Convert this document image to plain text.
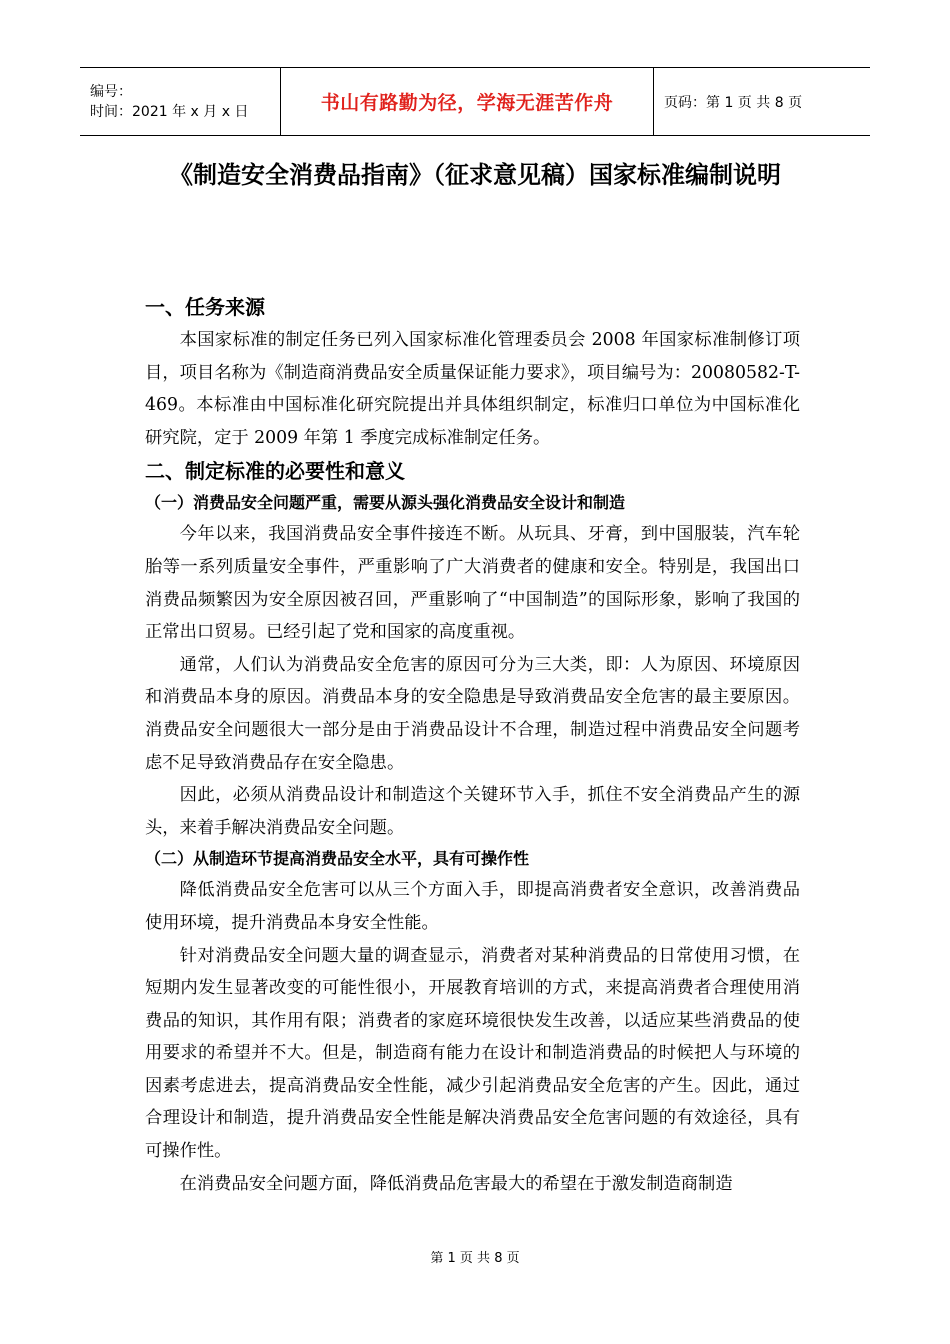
编号：
时间：2021 年 x 月 x 日	书山有路勤为径，学海无涯苦作舟	页码：第 1 页 共 8 页
《制造安全消费品指南》（征求意见稿）国家标准编制说明

一、任务来源

本国家标准的制定任务已列入国家标准化管理委员会 2008 年国家标准制修订项目，项目名称为《制造商消费品安全质量保证能力要求》，项目编号为：20080582-T-469。本标准由中国标准化研究院提出并具体组织制定，标准归口单位为中国标准化研究院，定于 2009 年第 1 季度完成标准制定任务。

二、制定标准的必要性和意义

（一）消费品安全问题严重，需要从源头强化消费品安全设计和制造

今年以来，我国消费品安全事件接连不断。从玩具、牙膏，到中国服装，汽车轮胎等一系列质量安全事件，严重影响了广大消费者的健康和安全。特别是，我国出口消费品频繁因为安全原因被召回，严重影响了“中国制造”的国际形象，影响了我国的正常出口贸易。已经引起了党和国家的高度重视。

通常，人们认为消费品安全危害的原因可分为三大类，即：人为原因、环境原因和消费品本身的原因。消费品本身的安全隐患是导致消费品安全危害的最主要原因。消费品安全问题很大一部分是由于消费品设计不合理，制造过程中消费品安全问题考虑不足导致消费品存在安全隐患。

因此，必须从消费品设计和制造这个关键环节入手，抓住不安全消费品产生的源头，来着手解决消费品安全问题。

（二）从制造环节提高消费品安全水平，具有可操作性

降低消费品安全危害可以从三个方面入手，即提高消费者安全意识，改善消费品使用环境，提升消费品本身安全性能。

针对消费品安全问题大量的调查显示，消费者对某种消费品的日常使用习惯，在短期内发生显著改变的可能性很小，开展教育培训的方式，来提高消费者合理使用消费品的知识，其作用有限；消费者的家庭环境很快发生改善，以适应某些消费品的使用要求的希望并不大。但是，制造商有能力在设计和制造消费品的时候把人与环境的因素考虑进去，提高消费品安全性能，减少引起消费品安全危害的产生。因此，通过合理设计和制造，提升消费品安全性能是解决消费品安全危害问题的有效途径，具有可操作性。

在消费品安全问题方面，降低消费品危害最大的希望在于激发制造商制造

第 1 页 共 8 页
